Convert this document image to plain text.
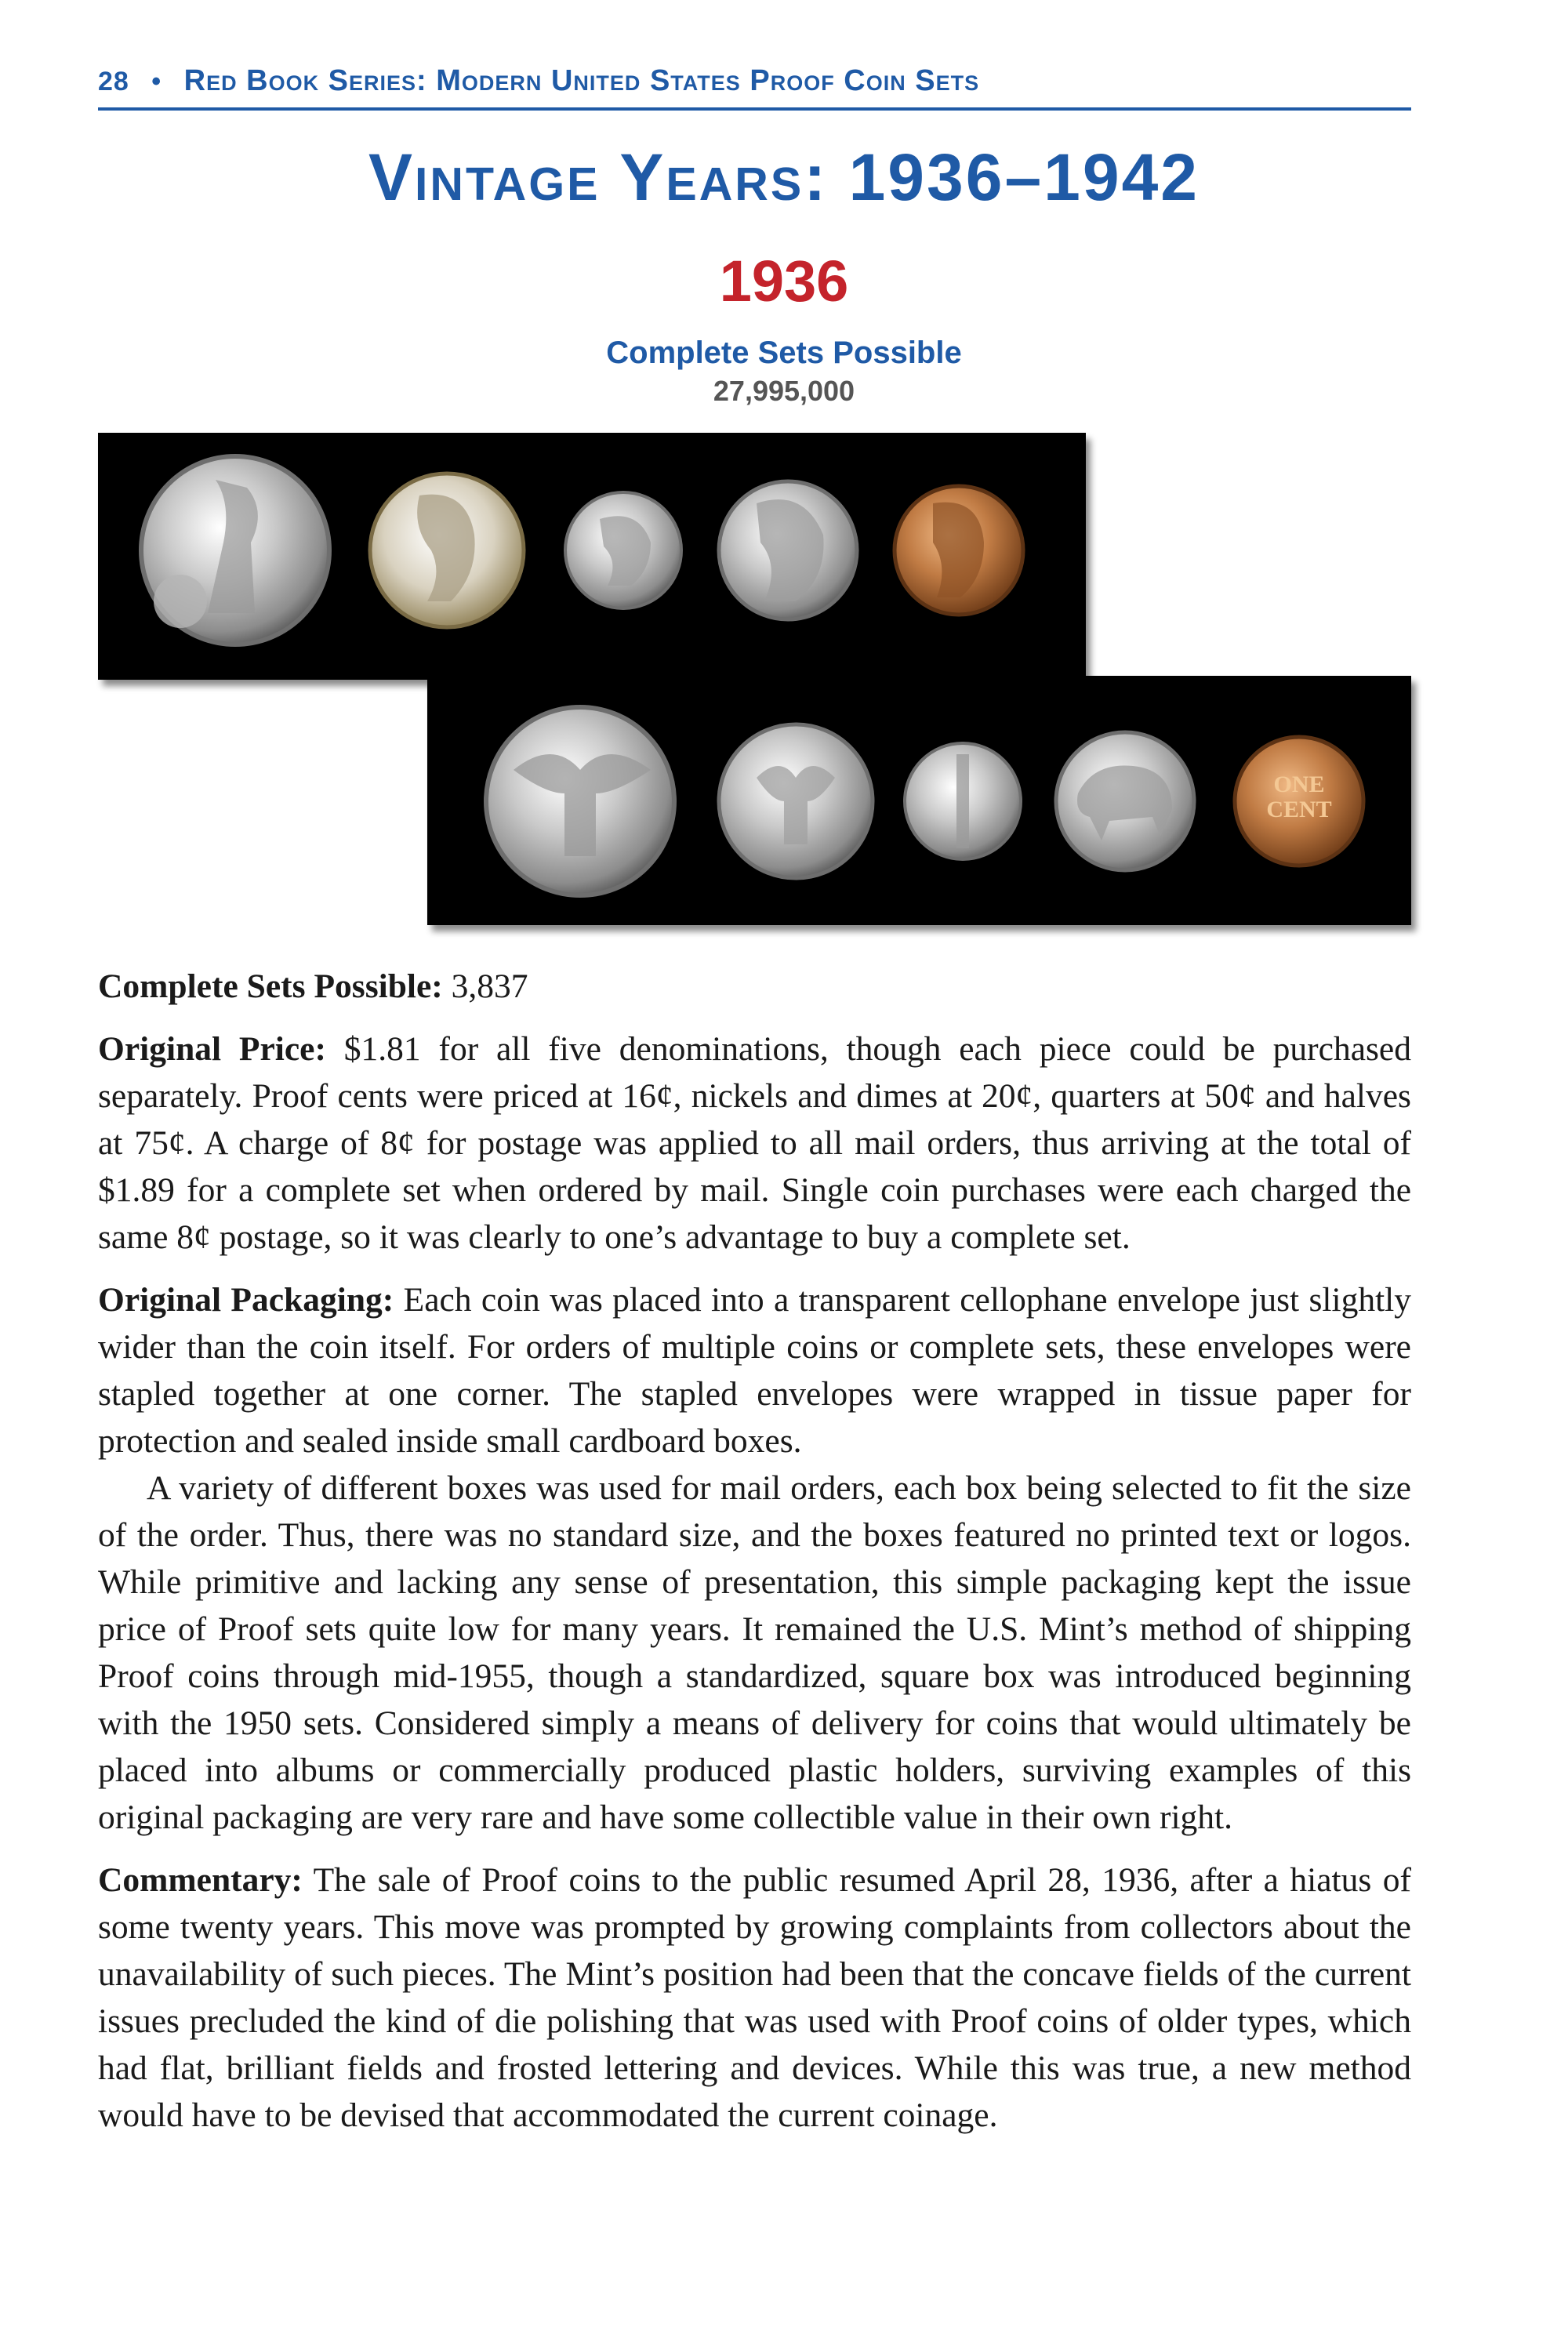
28 • Red Book Series: Modern United States Proof Coin Sets
Vintage Years: 1936–1942
1936
Complete Sets Possible
27,995,000
ONE
CENT

Complete Sets Possible: 3,837

Original Price: $1.81 for all five denominations, though each piece could be purchased separately. Proof cents were priced at 16¢, nickels and dimes at 20¢, quarters at 50¢ and halves at 75¢. A charge of 8¢ for postage was applied to all mail orders, thus arriving at the total of $1.89 for a complete set when ordered by mail. Single coin purchases were each charged the same 8¢ postage, so it was clearly to one’s advantage to buy a complete set.

Original Packaging: Each coin was placed into a transparent cellophane envelope just slightly wider than the coin itself. For orders of multiple coins or complete sets, these envelopes were stapled together at one corner. The stapled envelopes were wrapped in tissue paper for protection and sealed inside small cardboard boxes.

A variety of different boxes was used for mail orders, each box being selected to fit the size of the order. Thus, there was no standard size, and the boxes featured no printed text or logos. While primitive and lacking any sense of presentation, this simple packaging kept the issue price of Proof sets quite low for many years. It remained the U.S. Mint’s method of shipping Proof coins through mid-1955, though a standardized, square box was introduced beginning with the 1950 sets. Considered simply a means of delivery for coins that would ultimately be placed into albums or commercially produced plastic holders, surviving examples of this original packaging are very rare and have some collectible value in their own right.

Commentary: The sale of Proof coins to the public resumed April 28, 1936, after a hiatus of some twenty years. This move was prompted by growing complaints from collectors about the unavailability of such pieces. The Mint’s position had been that the concave fields of the current issues precluded the kind of die polishing that was used with Proof coins of older types, which had flat, brilliant fields and frosted lettering and devices. While this was true, a new method would have to be devised that accommodated the current coinage.
